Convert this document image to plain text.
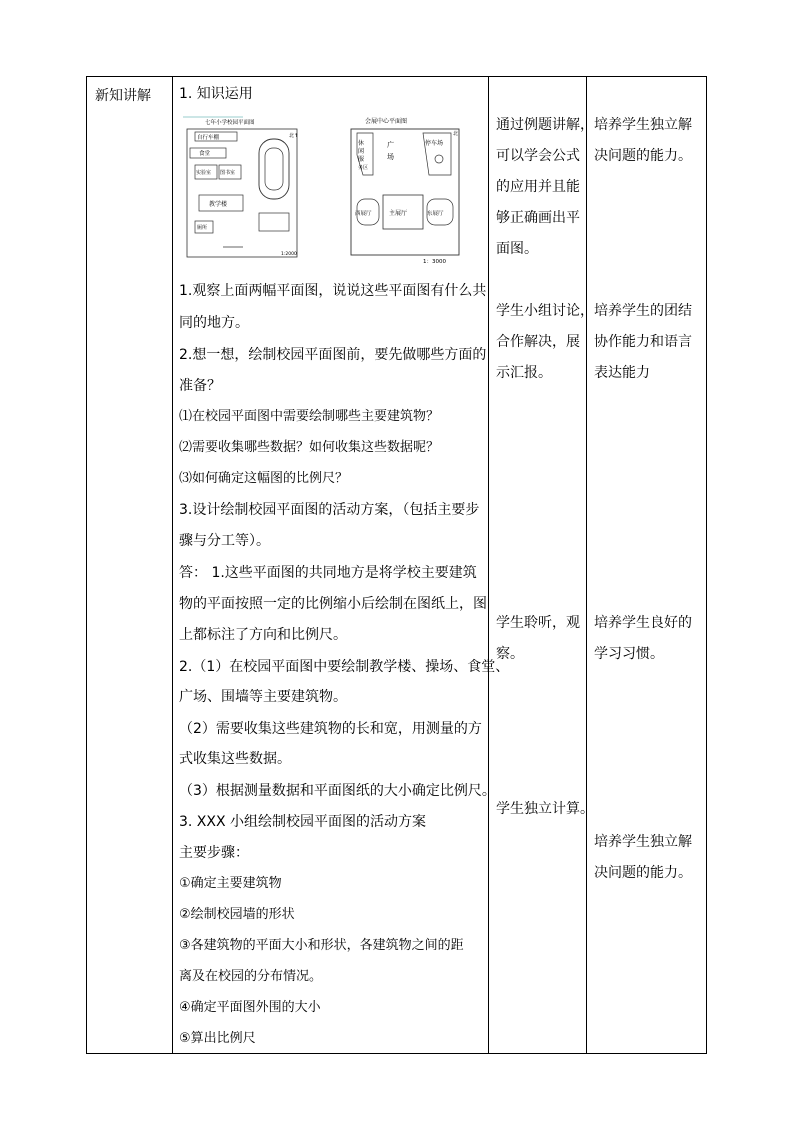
新知讲解 1. 知识运用
七年小学校园平面图
自行车棚
食堂
实验室 图书室
教学楼
厕所
1:2000
北↑
会展中心平面图
休
闲
服
务区
广
场
停车场
西展厅	主展厅	东展厅
1：3000
北
1.观察上面两幅平面图，说说这些平面图有什么共
同的地方。
2.想一想，绘制校园平面图前，要先做哪些方面的
准备？
⑴在校园平面图中需要绘制哪些主要建筑物？
⑵需要收集哪些数据？如何收集这些数据呢？
⑶如何确定这幅图的比例尺？
3.设计绘制校园平面图的活动方案，（包括主要步
骤与分工等）。
答： 1.这些平面图的共同地方是将学校主要建筑
物的平面按照一定的比例缩小后绘制在图纸上，图
上都标注了方向和比例尺。
2.（1）在校园平面图中要绘制教学楼、操场、食堂、
广场、围墙等主要建筑物。
（2）需要收集这些建筑物的长和宽，用测量的方
式收集这些数据。
（3）根据测量数据和平面图纸的大小确定比例尺。
3. XXX 小组绘制校园平面图的活动方案
主要步骤：
①确定主要建筑物
②绘制校园墙的形状
③各建筑物的平面大小和形状，各建筑物之间的距
离及在校园的分布情况。
④确定平面图外围的大小
⑤算出比例尺
通过例题讲解，
可以学会公式
的应用并且能
够正确画出平
面图。
学生小组讨论，
合作解决，展
示汇报。
学生聆听，观
察。
学生独立计算。
培养学生独立解
决问题的能力。
培养学生的团结
协作能力和语言
表达能力
培养学生良好的
学习习惯。
培养学生独立解
决问题的能力。
